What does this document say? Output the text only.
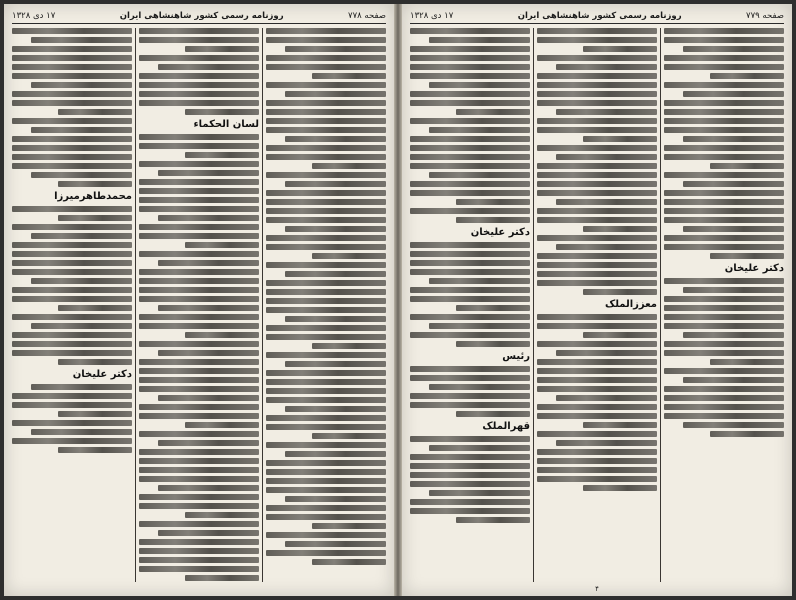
صفحه ۷۷۸
روزنامه رسمی کشور شاهنشاهی ایران
۱۷ دی ۱۳۲۸
لسان الحکماء
محمدطاهرمیرزا
دکتر علیخان
صفحه ۷۷۹
روزنامه رسمی کشور شاهنشاهی ایران
۱۷ دی ۱۳۲۸
۴
دکتر علیخان
معززالملک
دکتر علیخان
رئیس
قهرالملک
